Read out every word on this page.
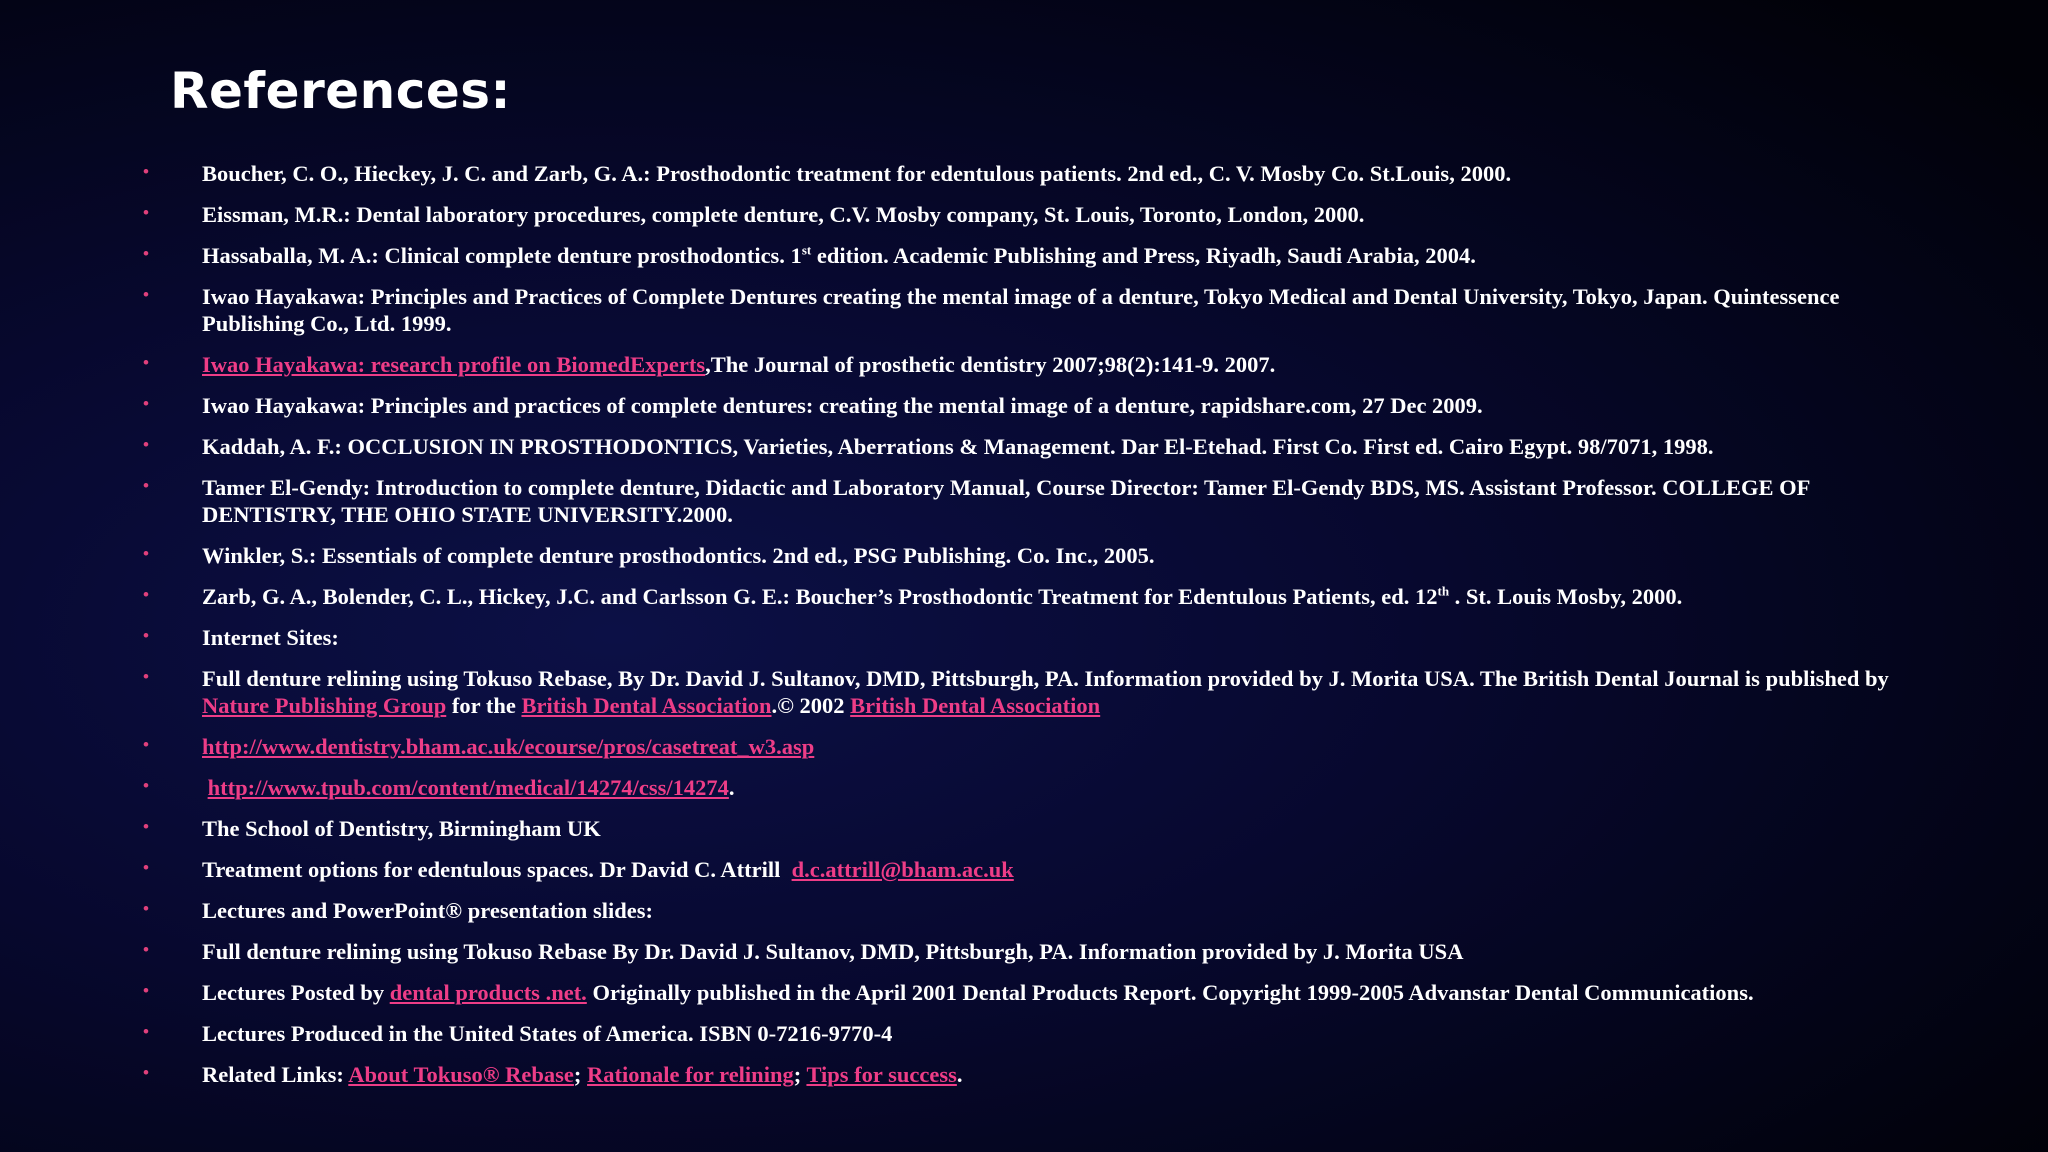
References:
• Boucher, C. O., Hieckey, J. C. and Zarb, G. A.: Prosthodontic treatment for edentulous patients. 2nd ed., C. V. Mosby Co. St.Louis, 2000.
• Eissman, M.R.: Dental laboratory procedures, complete denture, C.V. Mosby company, St. Louis, Toronto, London, 2000.
• Hassaballa, M. A.: Clinical complete denture prosthodontics. 1st edition. Academic Publishing and Press, Riyadh, Saudi Arabia, 2004.
• Iwao Hayakawa: Principles and Practices of Complete Dentures creating the mental image of a denture, Tokyo Medical and Dental University, Tokyo, Japan. Quintessence Publishing Co., Ltd. 1999.
• Iwao Hayakawa: research profile on BiomedExperts,The Journal of prosthetic dentistry 2007;98(2):141-9. 2007.
• Iwao Hayakawa: Principles and practices of complete dentures: creating the mental image of a denture, rapidshare.com, 27 Dec 2009.
• Kaddah, A. F.: OCCLUSION IN PROSTHODONTICS, Varieties, Aberrations & Management. Dar El-Etehad. First Co. First ed. Cairo Egypt. 98/7071, 1998.
• Tamer El-Gendy: Introduction to complete denture, Didactic and Laboratory Manual, Course Director: Tamer El-Gendy BDS, MS. Assistant Professor. COLLEGE OF DENTISTRY, THE OHIO STATE UNIVERSITY.2000.
• Winkler, S.: Essentials of complete denture prosthodontics. 2nd ed., PSG Publishing. Co. Inc., 2005.
• Zarb, G. A., Bolender, C. L., Hickey, J.C. and Carlsson G. E.: Boucher’s Prosthodontic Treatment for Edentulous Patients, ed. 12th . St. Louis Mosby, 2000.
• Internet Sites:
• Full denture relining using Tokuso Rebase, By Dr. David J. Sultanov, DMD, Pittsburgh, PA. Information provided by J. Morita USA. The British Dental Journal is published by Nature Publishing Group for the British Dental Association.© 2002 British Dental Association
• http://www.dentistry.bham.ac.uk/ecourse/pros/casetreat_w3.asp
•	http://www.tpub.com/content/medical/14274/css/14274.
• The School of Dentistry, Birmingham UK
• Treatment options for edentulous spaces. Dr David C. Attrill  d.c.attrill@bham.ac.uk
• Lectures and PowerPoint® presentation slides:
• Full denture relining using Tokuso Rebase By Dr. David J. Sultanov, DMD, Pittsburgh, PA. Information provided by J. Morita USA
• Lectures Posted by dental products .net. Originally published in the April 2001 Dental Products Report. Copyright 1999-2005 Advanstar Dental Communications.
• Lectures Produced in the United States of America. ISBN 0-7216-9770-4
• Related Links: About Tokuso® Rebase; Rationale for relining; Tips for success.
